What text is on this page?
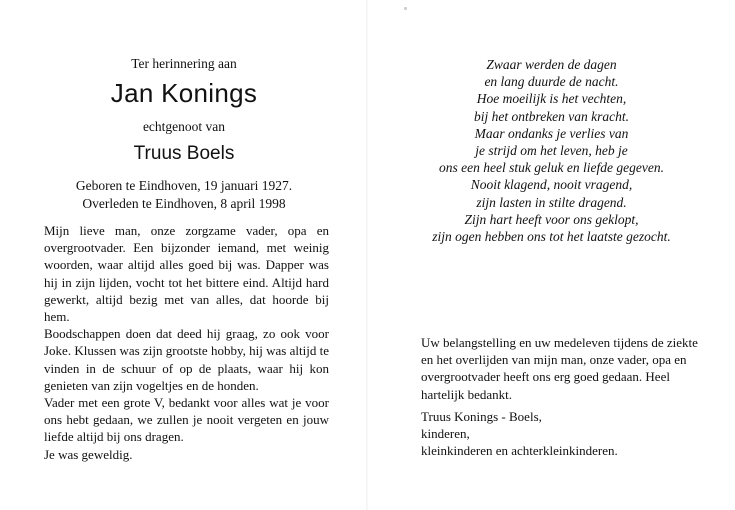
Ter herinnering aan
Jan Konings
echtgenoot van
Truus Boels
Geboren te Eindhoven, 19 januari 1927.
Overleden te Eindhoven, 8 april 1998

Mijn lieve man, onze zorgzame vader, opa en overgrootvader. Een bijzonder iemand, met weinig woorden, waar altijd alles goed bij was. Dapper was hij in zijn lijden, vocht tot het bittere eind. Altijd hard gewerkt, altijd bezig met van alles, dat hoorde bij hem.

Boodschappen doen dat deed hij graag, zo ook voor Joke. Klussen was zijn grootste hobby, hij was altijd te vinden in de schuur of op de plaats, waar hij kon genieten van zijn vogeltjes en de honden.

Vader met een grote V, bedankt voor alles wat je voor ons hebt gedaan, we zullen je nooit vergeten en jouw liefde altijd bij ons dragen.

Je was geweldig.

Zwaar werden de dagen
en lang duurde de nacht.
Hoe moeilijk is het vechten,
bij het ontbreken van kracht.
Maar ondanks je verlies van
je strijd om het leven, heb je
ons een heel stuk geluk en liefde gegeven.
Nooit klagend, nooit vragend,
zijn lasten in stilte dragend.
Zijn hart heeft voor ons geklopt,
zijn ogen hebben ons tot het laatste gezocht.

Uw belangstelling en uw medeleven tijdens de ziekte en het overlijden van mijn man, onze vader, opa en overgrootvader heeft ons erg goed gedaan. Heel hartelijk bedankt.

Truus Konings - Boels,
kinderen,
kleinkinderen en achterkleinkinderen.
